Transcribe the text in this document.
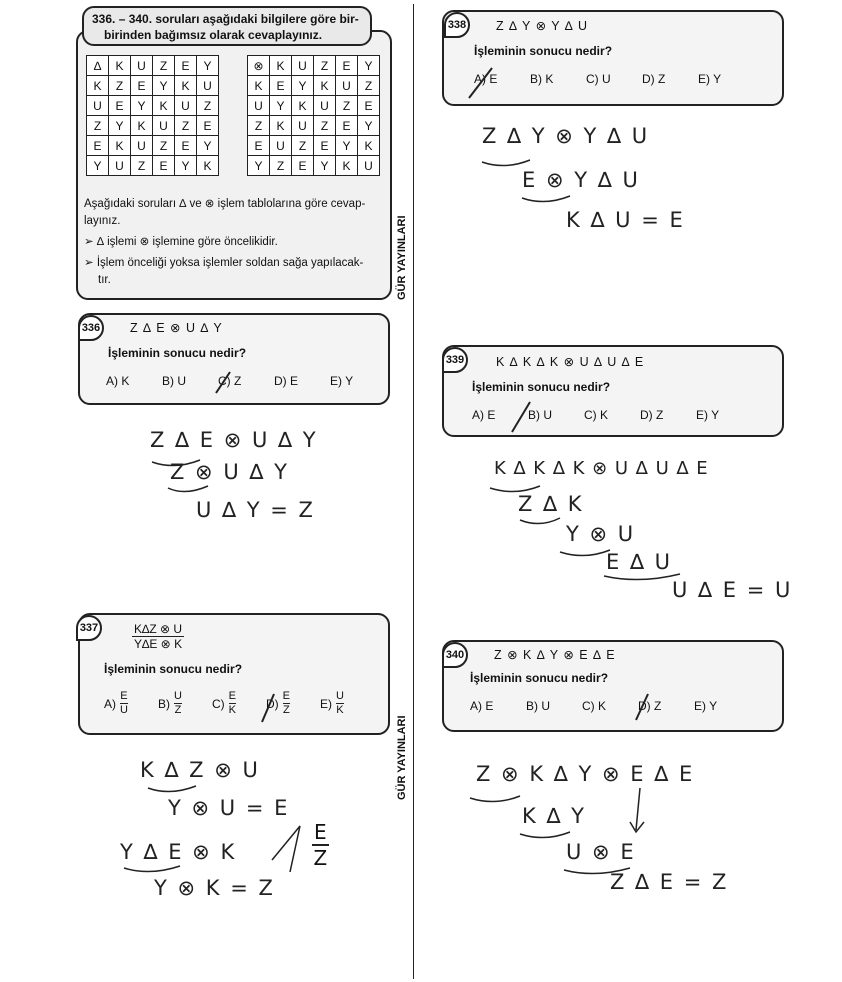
336. – 340. soruları aşağıdaki bilgilere göre bir-
birinden bağımsız olarak cevaplayınız.
∆	K	U	Z	E	Y
K	Z	E	Y	K	U
U	E	Y	K	U	Z
Z	Y	K	U	Z	E
E	K	U	Z	E	Y
Y	U	Z	E	Y	K
⊗	K	U	Z	E	Y
K	E	Y	K	U	Z
U	Y	K	U	Z	E
Z	K	U	Z	E	Y
E	U	Z	E	Y	K
Y	Z	E	Y	K	U
Aşağıdaki soruları ∆ ve ⊗ işlem tablolarına göre cevap-
layınız.
➢ ∆ işlemi ⊗ işlemine göre öncelikidir.
➢ İşlem önceliği yoksa işlemler soldan sağa yapılacak-
tır.	GÜR YAYINLARI
GÜR YAYINLARI
336	Z ∆ E ⊗ U ∆ Y
İşleminin sonucu nedir?
A) K	B) U	C) Z	D) E	E) Y
337	$\frac{K\Delta Z \otimes U}{Y\Delta E \otimes K}$
İşleminin sonucu nedir?
$A) \frac{E}{U}$	$B) \frac{U}{Z}$	$C) \frac{E}{K} D) \frac{E}{Z} E) \frac{U}{K}$
338	Z ∆ Y ⊗ Y ∆ U
İşleminin sonucu nedir?
A) E	B) K	C) U	D) Z	E) Y
339	K ∆ K ∆ K ⊗ U ∆ U ∆ E
İşleminin sonucu nedir?
A) E	B) U	C) K	D) Z	E) Y
340	Z ⊗ K ∆ Y ⊗ E ∆ E
İşleminin sonucu nedir?
A) E	B) U	C) K	D) Z	E) Y
Z ∆ E ⊗ U ∆ Y
Z ⊗ U ∆ Y
U ∆ Y = Z
K ∆ Z ⊗ U
Y ⊗ U = E
Y ∆ E ⊗ K
Y ⊗ K = Z
E
Z
Z ∆ Y ⊗ Y ∆ U
E ⊗ Y ∆ U
K ∆ U = E
K ∆ K ∆ K ⊗ U ∆ U ∆ E
Z ∆ K
Y ⊗ U
E ∆ U
U ∆ E = U
Z ⊗ K ∆ Y ⊗ E ∆ E
K ∆ Y
U ⊗ E
Z ∆ E = Z
